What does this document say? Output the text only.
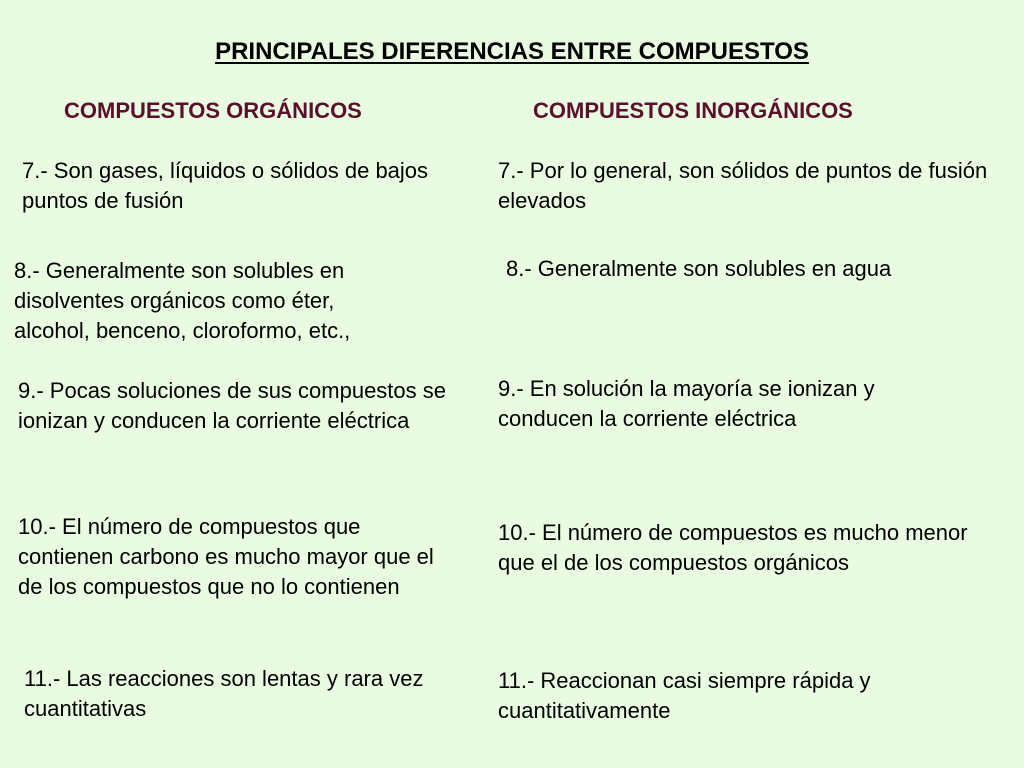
PRINCIPALES DIFERENCIAS ENTRE COMPUESTOS
COMPUESTOS ORGÁNICOS	COMPUESTOS INORGÁNICOS
7.- Son gases, líquidos o sólidos de bajos puntos de fusión
8.- Generalmente son solubles en disolventes orgánicos como éter, alcohol, benceno, cloroformo, etc.,
9.- Pocas soluciones de sus compuestos se ionizan y conducen la corriente eléctrica
10.- El número de compuestos que contienen carbono es mucho mayor que el de los compuestos que no lo contienen
11.- Las reacciones son lentas y rara vez cuantitativas
7.- Por lo general, son sólidos de puntos de fusión elevados
8.- Generalmente son solubles en agua
9.- En solución la mayoría se ionizan y conducen la corriente eléctrica
10.- El número de compuestos es mucho menor que el de los compuestos orgánicos
11.- Reaccionan casi siempre rápida y cuantitativamente
